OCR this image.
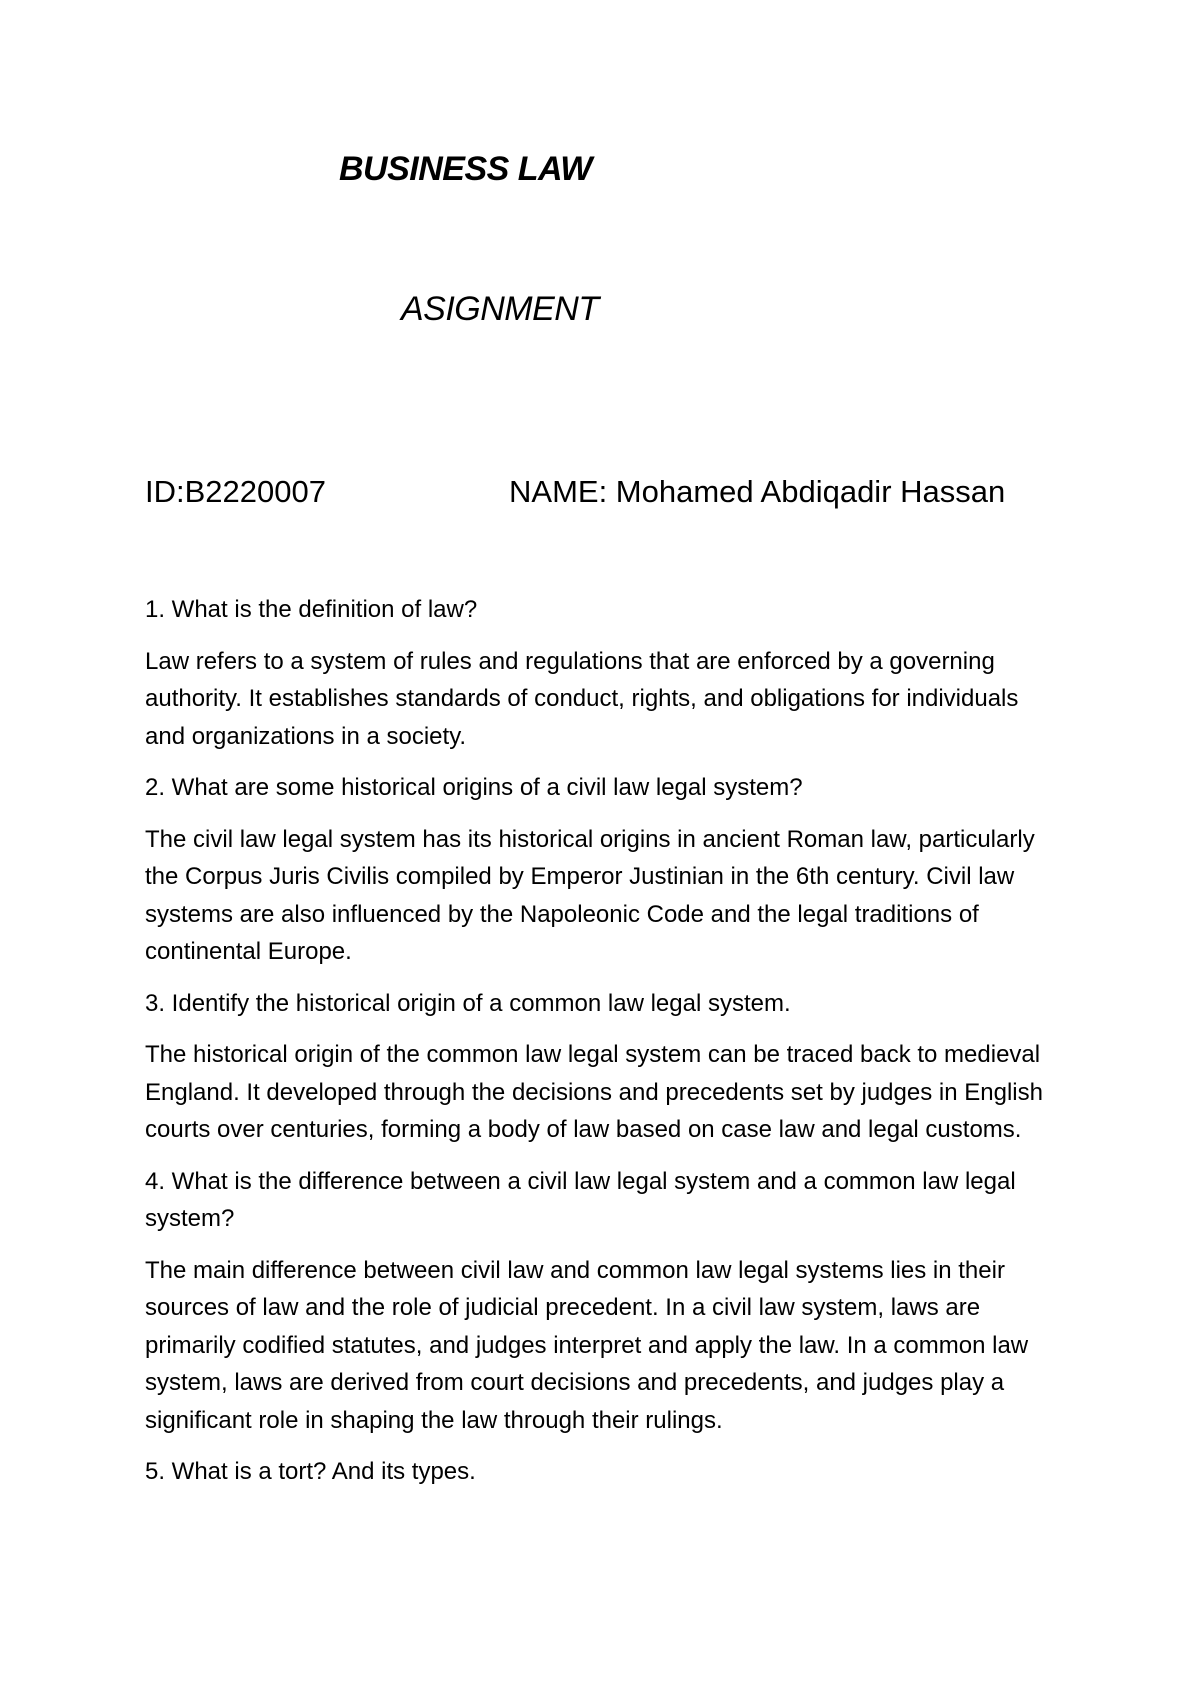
BUSINESS LAW
ASIGNMENT
ID:B2220007	NAME: Mohamed Abdiqadir Hassan

1. What is the definition of law?

Law refers to a system of rules and regulations that are enforced by a governing authority. It establishes standards of conduct, rights, and obligations for individuals and organizations in a society.

2. What are some historical origins of a civil law legal system?

The civil law legal system has its historical origins in ancient Roman law, particularly the Corpus Juris Civilis compiled by Emperor Justinian in the 6th century. Civil law systems are also influenced by the Napoleonic Code and the legal traditions of continental Europe.

3. Identify the historical origin of a common law legal system.

The historical origin of the common law legal system can be traced back to medieval England. It developed through the decisions and precedents set by judges in English courts over centuries, forming a body of law based on case law and legal customs.

4. What is the difference between a civil law legal system and a common law legal system?

The main difference between civil law and common law legal systems lies in their sources of law and the role of judicial precedent. In a civil law system, laws are primarily codified statutes, and judges interpret and apply the law. In a common law system, laws are derived from court decisions and precedents, and judges play a significant role in shaping the law through their rulings.

5. What is a tort? And its types.
